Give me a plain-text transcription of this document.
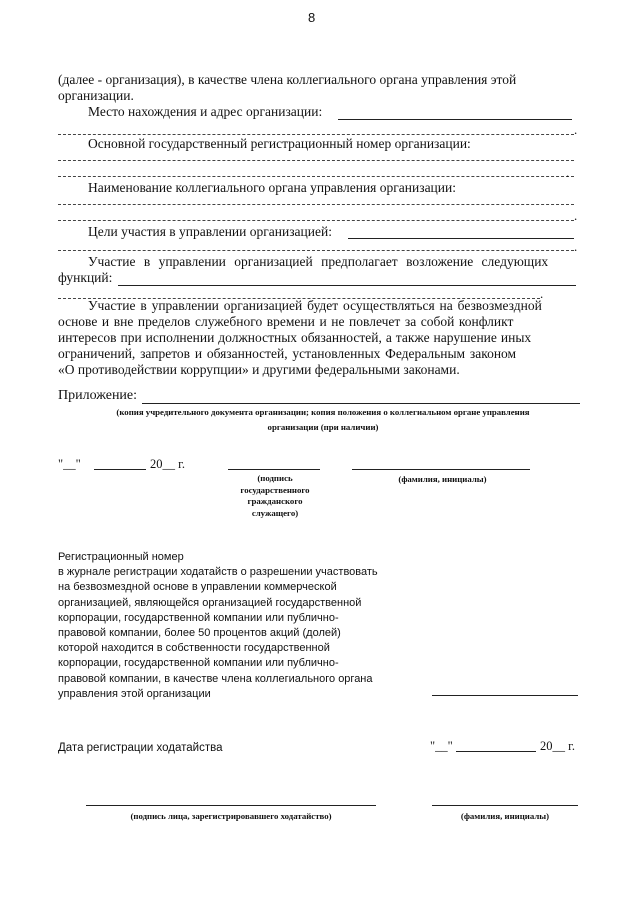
8
(далее - организация), в качестве члена коллегиального органа управления этой
организации.
Место нахождения и адрес организации:
.
Основной государственный регистрационный номер организации:
.
Наименование коллегиального органа управления организации:
.
Цели участия в управлении организацией:
.
Участие в управлении организацией предполагает возложение следующих
функций:
.
Участие в управлении организацией будет осуществляться на безвозмездной
основе и вне пределов служебного времени и не повлечет за собой конфликт
интересов при исполнении должностных обязанностей, а также нарушение иных
ограничений, запретов и обязанностей, установленных Федеральным законом
«О противодействии коррупции» и другими федеральными законами.
Приложение:
(копия учредительного документа организации; копия положения о коллегиальном органе управления
организации (при наличии)
"__"	20__ г.
(подпись
государственного
гражданского
служащего)
(фамилия, инициалы)
Регистрационный номер
в журнале регистрации ходатайств о разрешении участвовать
на безвозмездной основе в управлении коммерческой
организацией, являющейся организацией государственной
корпорации, государственной компании или публично-
правовой компании, более 50 процентов акций (долей)
которой находится в собственности государственной
корпорации, государственной компании или публично-
правовой компании, в качестве члена коллегиального органа
управления этой организации
Дата регистрации ходатайства	"__"	20__ г.
(подпись лица, зарегистрировавшего ходатайство)	(фамилия, инициалы)
